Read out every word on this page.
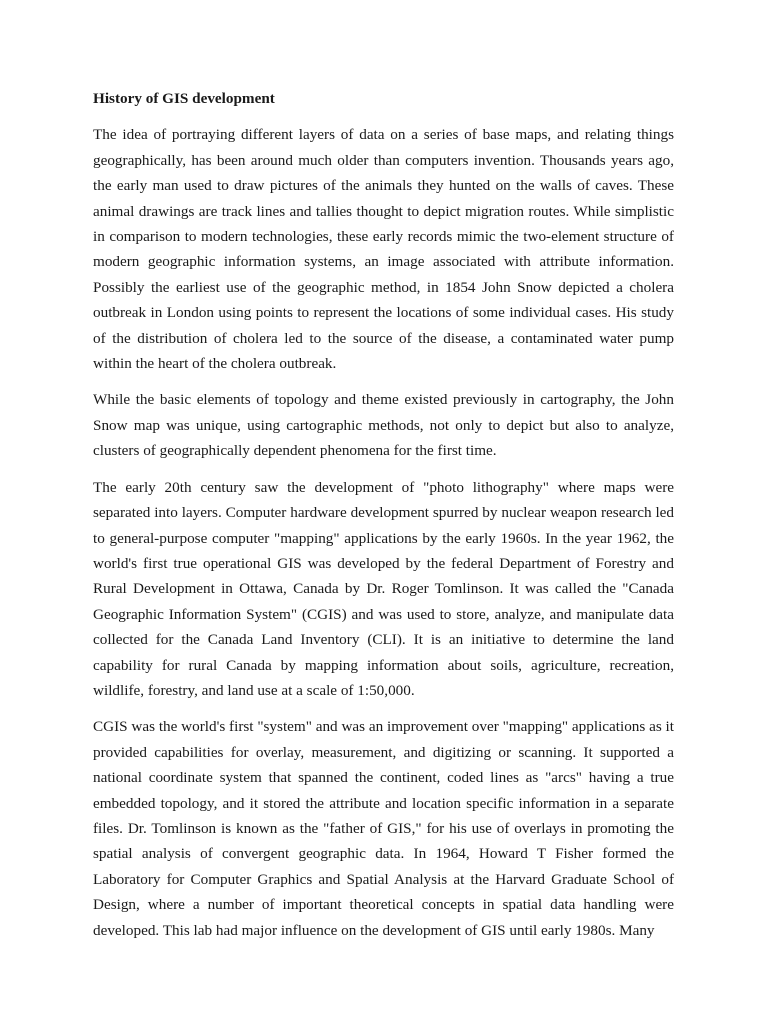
History of GIS development

The idea of portraying different layers of data on a series of base maps, and relating things geographically, has been around much older than computers invention. Thousands years ago, the early man used to draw pictures of the animals they hunted on the walls of caves. These animal drawings are track lines and tallies thought to depict migration routes. While simplistic in comparison to modern technologies, these early records mimic the two-element structure of modern geographic information systems, an image associated with attribute information. Possibly the earliest use of the geographic method, in 1854 John Snow depicted a cholera outbreak in London using points to represent the locations of some individual cases. His study of the distribution of cholera led to the source of the disease, a contaminated water pump within the heart of the cholera outbreak.

While the basic elements of topology and theme existed previously in cartography, the John Snow map was unique, using cartographic methods, not only to depict but also to analyze, clusters of geographically dependent phenomena for the first time.

The early 20th century saw the development of "photo lithography" where maps were separated into layers. Computer hardware development spurred by nuclear weapon research led to general-purpose computer "mapping" applications by the early 1960s. In the year 1962, the world's first true operational GIS was developed by the federal Department of Forestry and Rural Development in Ottawa, Canada by Dr. Roger Tomlinson. It was called the "Canada Geographic Information System" (CGIS) and was used to store, analyze, and manipulate data collected for the Canada Land Inventory (CLI). It is an initiative to determine the land capability for rural Canada by mapping information about soils, agriculture, recreation, wildlife, forestry, and land use at a scale of 1:50,000.

CGIS was the world's first "system" and was an improvement over "mapping" applications as it provided capabilities for overlay, measurement, and digitizing or scanning. It supported a national coordinate system that spanned the continent, coded lines as "arcs" having a true embedded topology, and it stored the attribute and location specific information in a separate files. Dr. Tomlinson is known as the "father of GIS," for his use of overlays in promoting the spatial analysis of convergent geographic data. In 1964, Howard T Fisher formed the Laboratory for Computer Graphics and Spatial Analysis at the Harvard Graduate School of Design, where a number of important theoretical concepts in spatial data handling were developed. This lab had major influence on the development of GIS until early 1980s. Many
